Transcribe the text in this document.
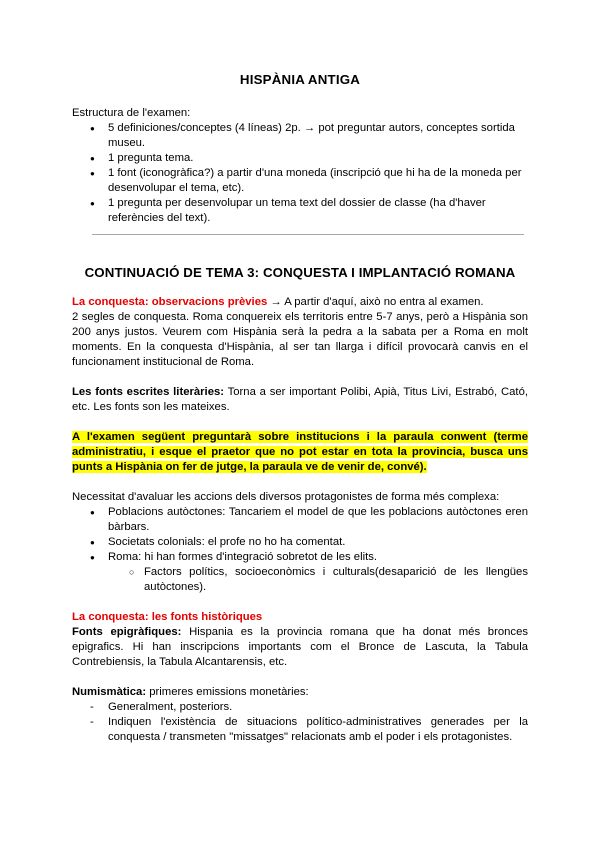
HISPÀNIA ANTIGA

Estructura de l'examen:

● 5 definiciones/conceptes (4 líneas) 2p. → pot preguntar autors, conceptes sortida museu.
● 1 pregunta tema.
● 1 font (iconogràfica?) a partir d'una moneda (inscripció que hi ha de la moneda per desenvolupar el tema, etc).
● 1 pregunta per desenvolupar un tema text del dossier de classe (ha d'haver referències del text).
CONTINUACIÓ DE TEMA 3: CONQUESTA I IMPLANTACIÓ ROMANA

La conquesta: observacions prèvies → A partir d'aquí, això no entra al examen.

2 segles de conquesta. Roma conquereix els territoris entre 5-7 anys, però a Hispània son 200 anys justos. Veurem com Hispània serà la pedra a la sabata per a Roma en molt moments. En la conquesta d'Hispània, al ser tan llarga i difícil provocarà canvis en el funcionament institucional de Roma.

Les fonts escrites literàries: Torna a ser important Polibi, Apià, Titus Livi, Estrabó, Cató, etc. Les fonts son les mateixes.

A l'examen següent preguntarà sobre institucions i la paraula conwent (terme administratiu, i esque el praetor que no pot estar en tota la provincia, busca uns punts a Hispània on fer de jutge, la paraula ve de venir de, convé).

Necessitat d'avaluar les accions dels diversos protagonistes de forma més complexa:

● Poblacions autòctones: Tancariem el model de que les poblacions autòctones eren bàrbars.
● Societats colonials: el profe no ho ha comentat.
● Roma: hi han formes d'integració sobretot de les elits.
○ Factors polítics, socioeconòmics i culturals(desaparició de les llengües autòctones).

La conquesta: les fonts històriques

Fonts epigràfiques: Hispania es la provincia romana que ha donat més bronces epigrafics. Hi han inscripcions importants com el Bronce de Lascuta, la Tabula Contrebiensis, la Tabula Alcantarensis, etc.

Numismàtica: primeres emissions monetàries:

- Generalment, posteriors.
- Indiquen l'existència de situacions político-administratives generades per la conquesta / transmeten "missatges" relacionats amb el poder i els protagonistes.
